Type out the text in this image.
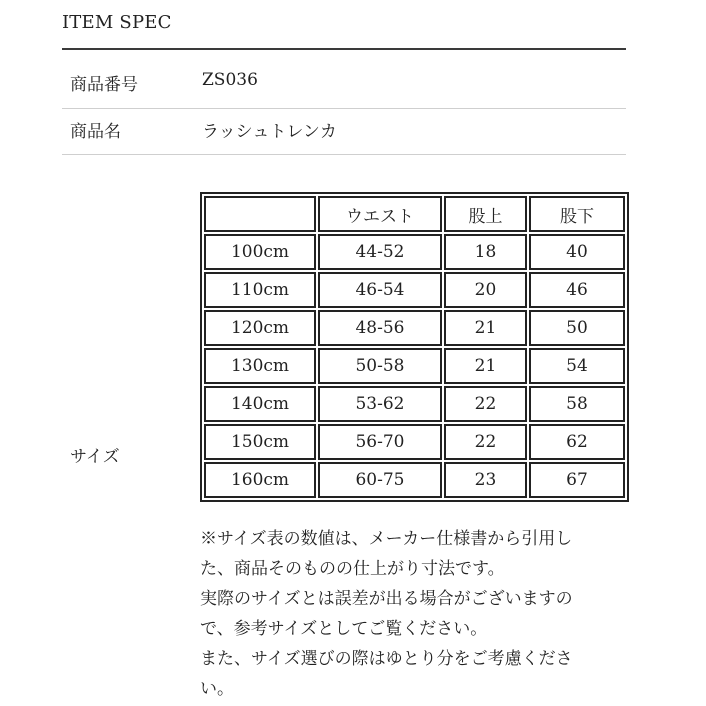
ITEM SPEC
商品番号	ZS036
商品名	ラッシュトレンカ
サイズ
	ウエスト	股上	股下
100cm	44-52	18	40
110cm	46-54	20	46
120cm	48-56	21	50
130cm	50-58	21	54
140cm	53-62	22	58
150cm	56-70	22	62
160cm	60-75	23	67
※サイズ表の数値は、メーカー仕様書から引用し
た、商品そのものの仕上がり寸法です。
実際のサイズとは誤差が出る場合がございますの
で、参考サイズとしてご覧ください。
また、サイズ選びの際はゆとり分をご考慮くださ
い。
